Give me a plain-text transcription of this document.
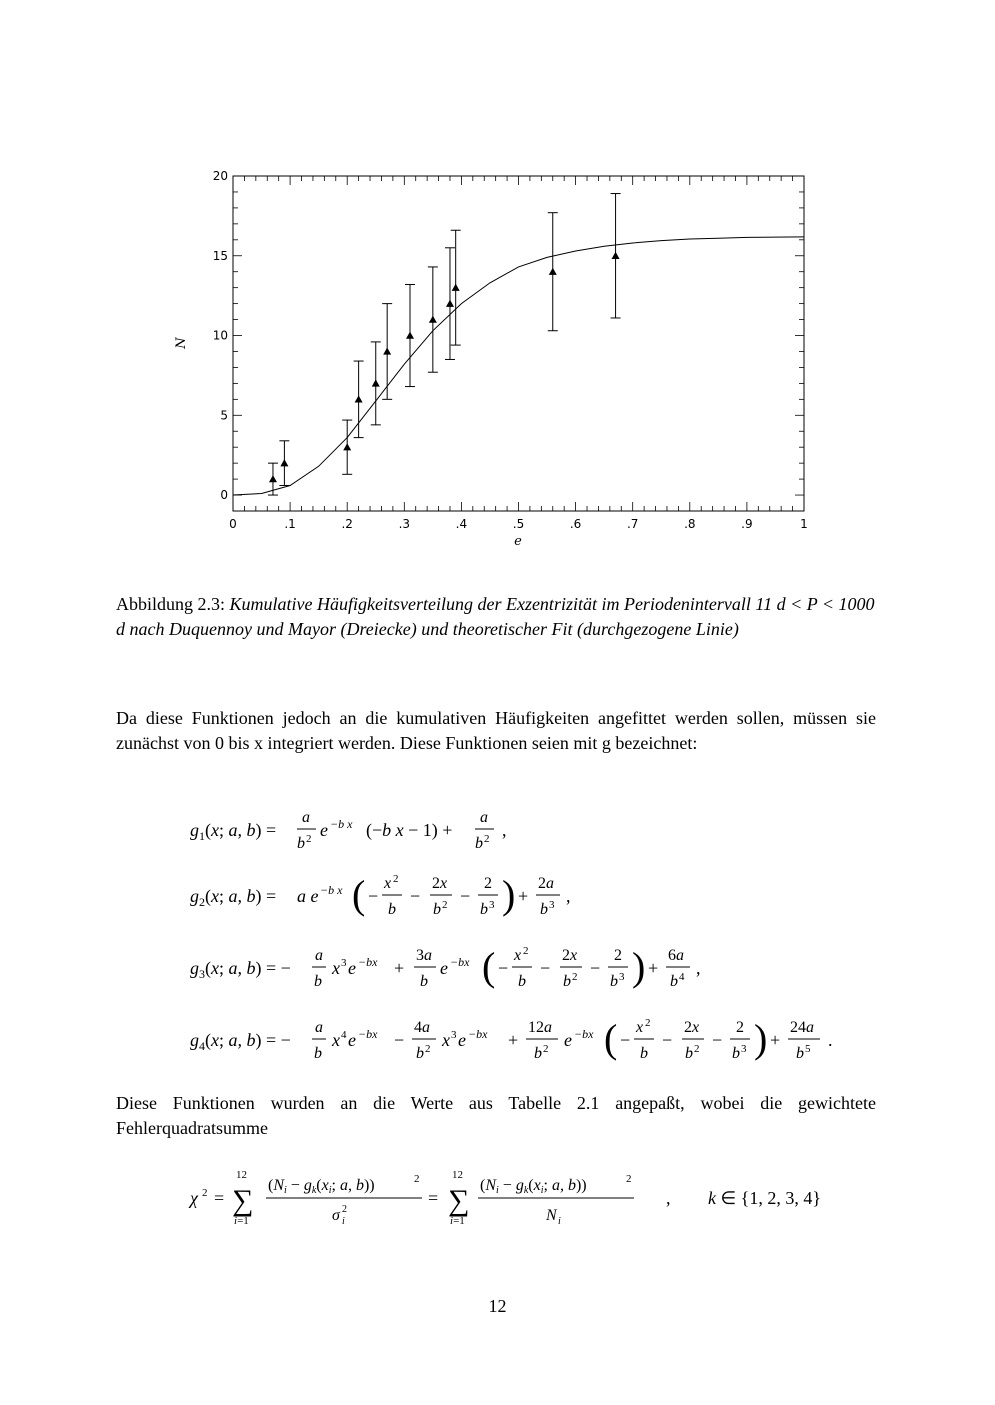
0	.1	.2	.3	.4	.5	.6	.7	.8	.9	1
0
5
10
15
20
e
N
Abbildung 2.3: Kumulative Häufigkeitsverteilung der Exzentrizität im Periodenintervall 11 d < P < 1000 d nach Duquennoy und Mayor (Dreiecke) und theoretischer Fit (durchgezogene Linie)
Da diese Funktionen jedoch an die kumulativen Häufigkeiten angefittet werden sollen, müssen sie zunächst von 0 bis x integriert werden. Diese Funktionen seien mit g bezeichnet:
$g_1(x$; a, b) =
a
b 2 e −b x (−b x − 1) +
a
b 2 ,
$g_2(x$; a, b) = a e −b x ( −
x 2
b
−
2x
b 2 −
2
b 3 ) +
2a
b 3 ,
$g_3(x$; a, b) = −
a
b
x 3 e −bx +
3a
b
e −bx ( −
x 2
b
−
2x
b 2 −
2
b 3 ) +
6a
b 4 ,
$g_4(x$; a, b) = −
a
b
x 4 e −bx −
4a
b 2 x 3 e −bx +
12a
b 2 e −bx ( −
x 2
b
−
2x
b 2 −
2
b 3 ) +
24a
b 5 .
Diese Funktionen wurden an die Werte aus Tabelle 2.1 angepaßt, wobei die gewichtete Fehlerquadratsumme
χ 2 =
12
∑
i=1
(Ni − gk(xi; a, b))	2
σ 2
i
=
12
∑
i=1
(Ni − gk(xi; a, b))	2
N i
, k ∈ {1, 2, 3, 4}
12
